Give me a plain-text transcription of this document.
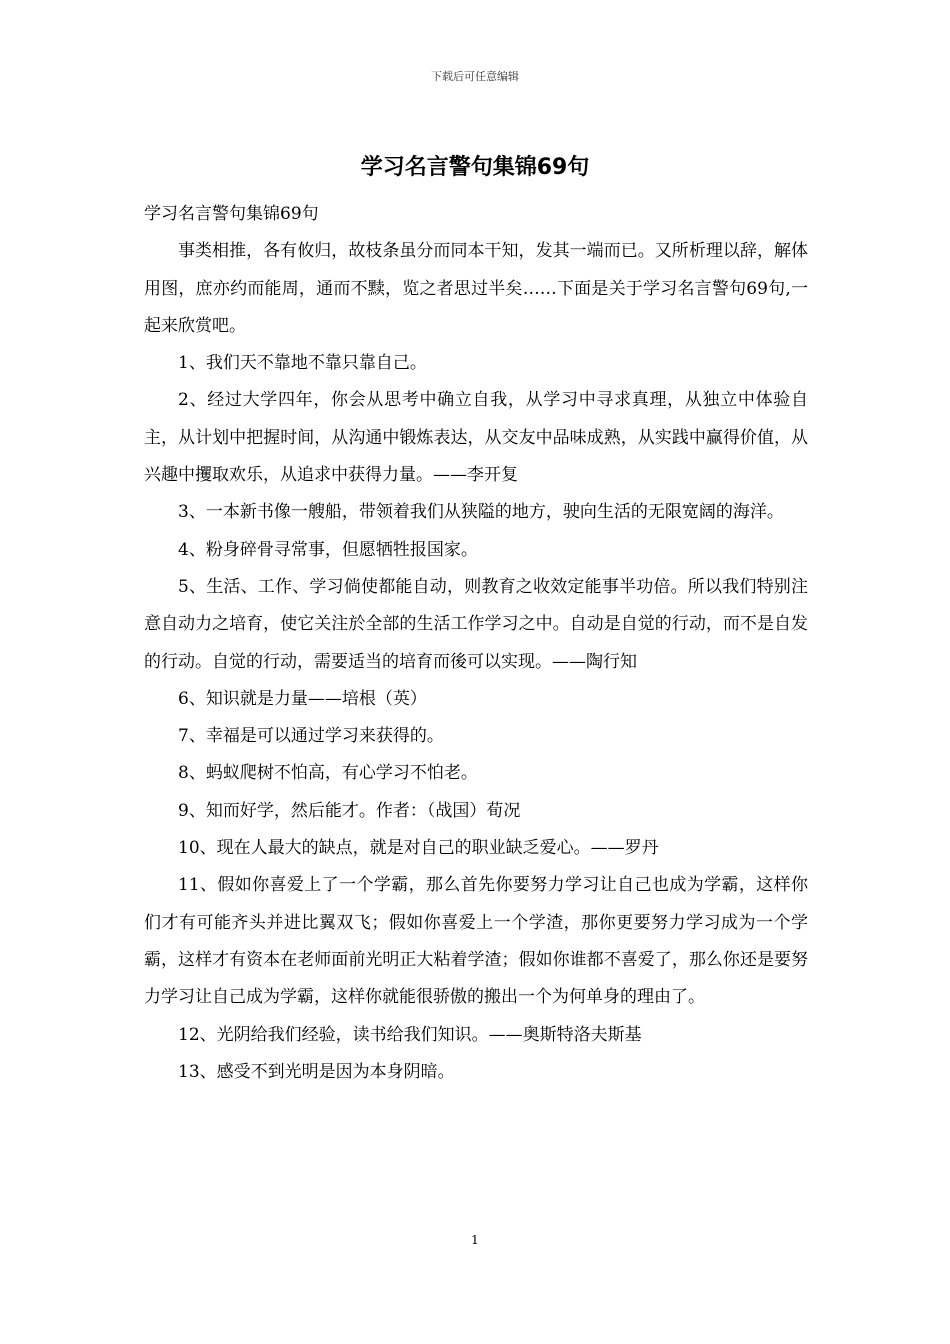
下载后可任意编辑
学习名言警句集锦69句

学习名言警句集锦69句

事类相推，各有攸归，故枝条虽分而同本干知，发其一端而已。又所析理以辞，解体用图，庶亦约而能周，通而不黩，览之者思过半矣……下面是关于学习名言警句69句,一起来欣赏吧。

1、我们天不靠地不靠只靠自己。

2、经过大学四年，你会从思考中确立自我，从学习中寻求真理，从独立中体验自主，从计划中把握时间，从沟通中锻炼表达，从交友中品味成熟，从实践中赢得价值，从兴趣中攫取欢乐，从追求中获得力量。——李开复

3、一本新书像一艘船，带领着我们从狭隘的地方，驶向生活的无限宽阔的海洋。

4、粉身碎骨寻常事，但愿牺牲报国家。

5、生活、工作、学习倘使都能自动，则教育之收效定能事半功倍。所以我们特别注意自动力之培育，使它关注於全部的生活工作学习之中。自动是自觉的行动，而不是自发的行动。自觉的行动，需要适当的培育而後可以实现。——陶行知

6、知识就是力量——培根（英）

7、幸福是可以通过学习来获得的。

8、蚂蚁爬树不怕高，有心学习不怕老。

9、知而好学，然后能才。作者：（战国）荀况

10、现在人最大的缺点，就是对自己的职业缺乏爱心。——罗丹

11、假如你喜爱上了一个学霸，那么首先你要努力学习让自己也成为学霸，这样你们才有可能齐头并进比翼双飞；假如你喜爱上一个学渣，那你更要努力学习成为一个学霸，这样才有资本在老师面前光明正大粘着学渣；假如你谁都不喜爱了，那么你还是要努力学习让自己成为学霸，这样你就能很骄傲的搬出一个为何单身的理由了。

12、光阴给我们经验，读书给我们知识。——奥斯特洛夫斯基

13、感受不到光明是因为本身阴暗。

1
